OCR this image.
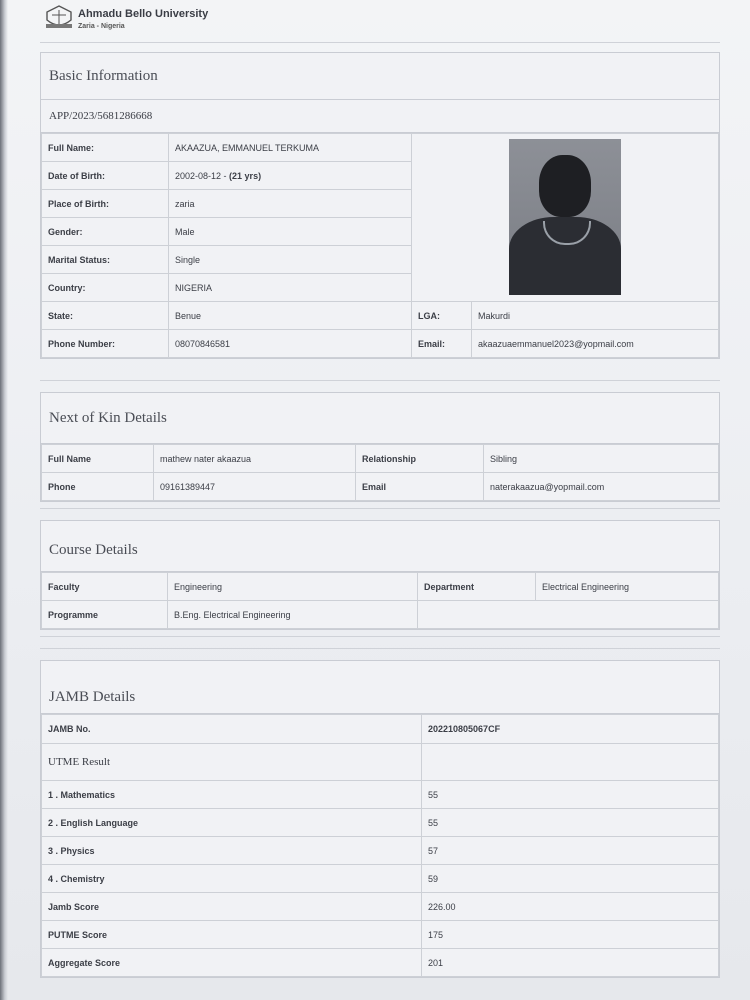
Ahmadu Bello University
Zaria - Nigeria
Basic Information
APP/2023/5681286668
Full Name:	AKAAZUA, EMMANUEL TERKUMA		

Date of Birth:	2002-08-12 - (21 yrs)		
Place of Birth:	zaria		
Gender:	Male		
Marital Status:	Single		
Country:	NIGERIA		
State:	Benue	LGA:	Makurdi
Phone Number:	08070846581	Email:	akaazuaemmanuel2023@yopmail.com
Next of Kin Details
Full Name	mathew nater akaazua	Relationship	Sibling
Phone	09161389447	Email	naterakaazua@yopmail.com
Course Details
Faculty	Engineering	Department	Electrical Engineering
Programme	B.Eng. Electrical Engineering		
JAMB Details
JAMB No.	202210805067CF
UTME Result	
1 . Mathematics	55
2 . English Language	55
3 . Physics	57
4 . Chemistry	59
Jamb Score	226.00
PUTME Score	175
Aggregate Score	201
